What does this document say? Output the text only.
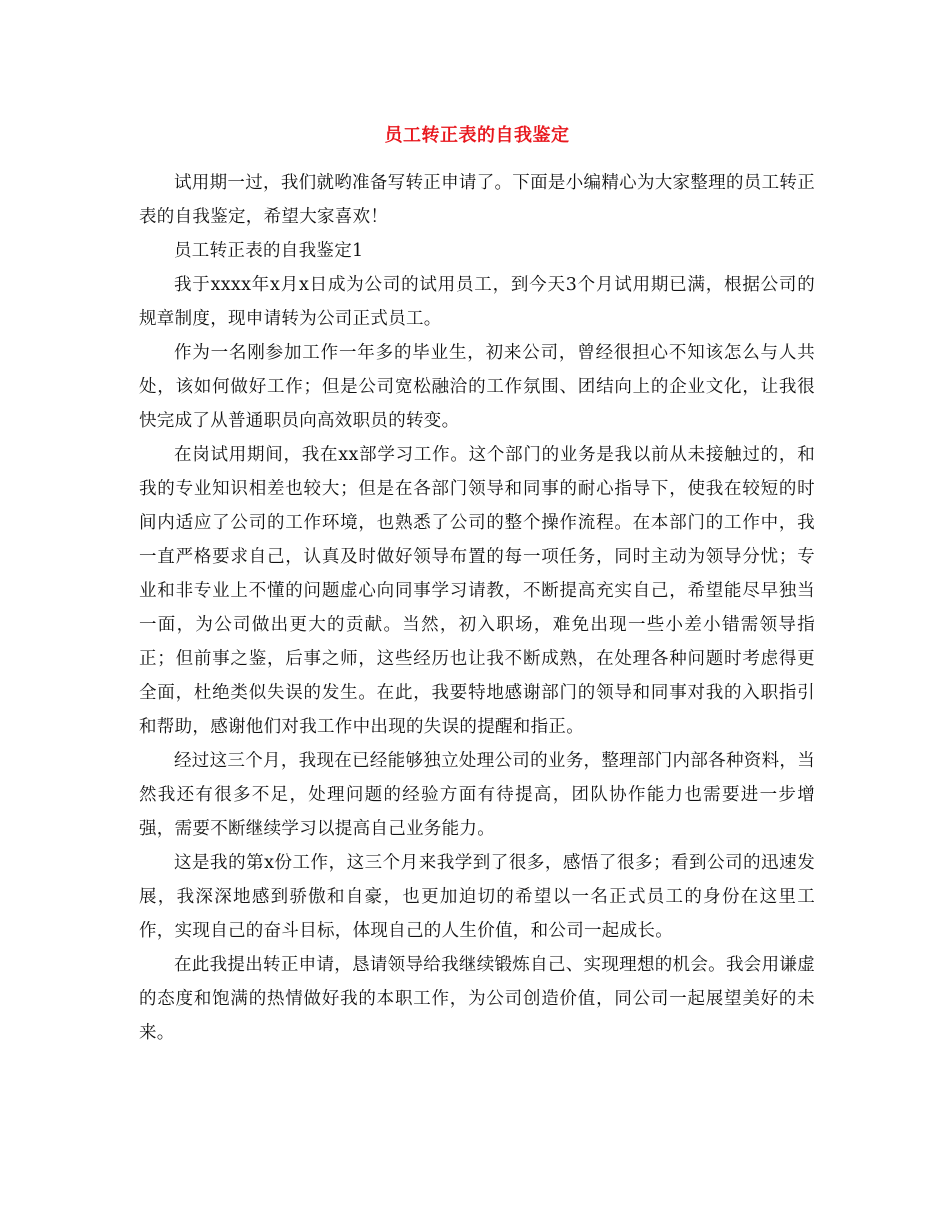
员工转正表的自我鉴定

试用期一过，我们就哟准备写转正申请了。下面是小编精心为大家整理的员工转正表的自我鉴定，希望大家喜欢！

员工转正表的自我鉴定1

我于xxxx年x月x日成为公司的试用员工，到今天3个月试用期已满，根据公司的规章制度，现申请转为公司正式员工。

作为一名刚参加工作一年多的毕业生，初来公司，曾经很担心不知该怎么与人共处，该如何做好工作；但是公司宽松融洽的工作氛围、团结向上的企业文化，让我很快完成了从普通职员向高效职员的转变。

在岗试用期间，我在xx部学习工作。这个部门的业务是我以前从未接触过的，和我的专业知识相差也较大；但是在各部门领导和同事的耐心指导下，使我在较短的时间内适应了公司的工作环境，也熟悉了公司的整个操作流程。在本部门的工作中，我一直严格要求自己，认真及时做好领导布置的每一项任务，同时主动为领导分忧；专业和非专业上不懂的问题虚心向同事学习请教，不断提高充实自己，希望能尽早独当一面，为公司做出更大的贡献。当然，初入职场，难免出现一些小差小错需领导指正；但前事之鉴，后事之师，这些经历也让我不断成熟，在处理各种问题时考虑得更全面，杜绝类似失误的发生。在此，我要特地感谢部门的领导和同事对我的入职指引和帮助，感谢他们对我工作中出现的失误的提醒和指正。

经过这三个月，我现在已经能够独立处理公司的业务，整理部门内部各种资料，当然我还有很多不足，处理问题的经验方面有待提高，团队协作能力也需要进一步增强，需要不断继续学习以提高自己业务能力。

这是我的第x份工作，这三个月来我学到了很多，感悟了很多；看到公司的迅速发展，我深深地感到骄傲和自豪，也更加迫切的希望以一名正式员工的身份在这里工作，实现自己的奋斗目标，体现自己的人生价值，和公司一起成长。

在此我提出转正申请，恳请领导给我继续锻炼自己、实现理想的机会。我会用谦虚的态度和饱满的热情做好我的本职工作，为公司创造价值，同公司一起展望美好的未来。
